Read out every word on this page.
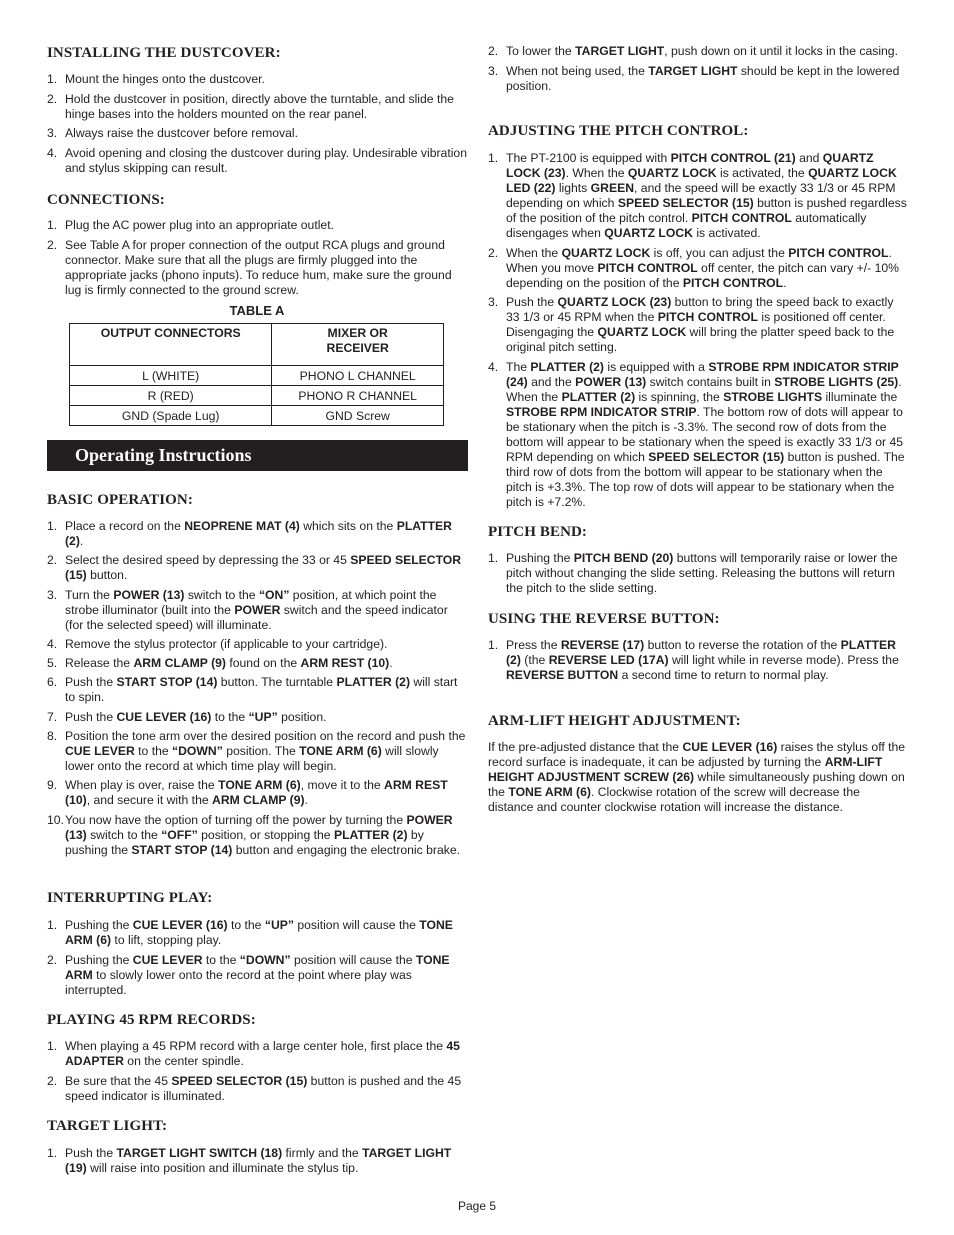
INSTALLING THE DUSTCOVER:
1. Mount the hinges onto the dustcover.
2. Hold the dustcover in position, directly above the turntable, and slide the hinge bases into the holders mounted on the rear panel.
3. Always raise the dustcover before removal.
4. Avoid opening and closing the dustcover during play. Undesirable vibration and stylus skipping can result.
CONNECTIONS:
1. Plug the AC power plug into an appropriate outlet.
2. See Table A for proper connection of the output RCA plugs and ground connector. Make sure that all the plugs are firmly plugged into the appropriate jacks (phono inputs). To reduce hum, make sure the ground lug is firmly connected to the ground screw.
TABLE A
OUTPUT CONNECTORS	MIXER OR
RECEIVER
L (WHITE)	PHONO L CHANNEL
R (RED)	PHONO R CHANNEL
GND (Spade Lug)	GND Screw
Operating Instructions
BASIC OPERATION:
1. Place a record on the NEOPRENE MAT (4) which sits on the PLATTER (2).
2. Select the desired speed by depressing the 33 or 45 SPEED SELECTOR (15) button.
3. Turn the POWER (13) switch to the “ON” position, at which point the strobe illuminator (built into the POWER switch and the speed indicator (for the selected speed) will illuminate.
4. Remove the stylus protector (if applicable to your cartridge).
5. Release the ARM CLAMP (9) found on the ARM REST (10).
6. Push the START STOP (14) button. The turntable PLATTER (2) will start to spin.
7. Push the CUE LEVER (16) to the “UP” position.
8. Position the tone arm over the desired position on the record and push the CUE LEVER to the “DOWN” position. The TONE ARM (6) will slowly lower onto the record at which time play will begin.
9. When play is over, raise the TONE ARM (6), move it to the ARM REST (10), and secure it with the ARM CLAMP (9).
10. You now have the option of turning off the power by turning the POWER (13) switch to the “OFF” position, or stopping the PLATTER (2) by pushing the START STOP (14) button and engaging the electronic brake.
INTERRUPTING PLAY:
1. Pushing the CUE LEVER (16) to the “UP” position will cause the TONE ARM (6) to lift, stopping play.
2. Pushing the CUE LEVER to the “DOWN” position will cause the TONE ARM to slowly lower onto the record at the point where play was interrupted.
PLAYING 45 RPM RECORDS:
1. When playing a 45 RPM record with a large center hole, first place the 45 ADAPTER on the center spindle.
2. Be sure that the 45 SPEED SELECTOR (15) button is pushed and the 45 speed indicator is illuminated.
TARGET LIGHT:
1. Push the TARGET LIGHT SWITCH (18) firmly and the TARGET LIGHT (19) will raise into position and illuminate the stylus tip.
2. To lower the TARGET LIGHT, push down on it until it locks in the casing.
3. When not being used, the TARGET LIGHT should be kept in the lowered position.
ADJUSTING THE PITCH CONTROL:
1. The PT-2100 is equipped with PITCH CONTROL (21) and QUARTZ LOCK (23). When the QUARTZ LOCK is activated, the QUARTZ LOCK LED (22) lights GREEN, and the speed will be exactly 33 1/3 or 45 RPM depending on which SPEED SELECTOR (15) button is pushed regardless of the position of the pitch control. PITCH CONTROL automatically disengages when QUARTZ LOCK is activated.
2. When the QUARTZ LOCK is off, you can adjust the PITCH CONTROL. When you move PITCH CONTROL off center, the pitch can vary +/- 10% depending on the position of the PITCH CONTROL.
3. Push the QUARTZ LOCK (23) button to bring the speed back to exactly 33 1/3 or 45 RPM when the PITCH CONTROL is positioned off center. Disengaging the QUARTZ LOCK will bring the platter speed back to the original pitch setting.
4. The PLATTER (2) is equipped with a STROBE RPM INDICATOR STRIP (24) and the POWER (13) switch contains built in STROBE LIGHTS (25). When the PLATTER (2) is spinning, the STROBE LIGHTS illuminate the STROBE RPM INDICATOR STRIP. The bottom row of dots will appear to be stationary when the pitch is -3.3%. The second row of dots from the bottom will appear to be stationary when the speed is exactly 33 1/3 or 45 RPM depending on which SPEED SELECTOR (15) button is pushed. The third row of dots from the bottom will appear to be stationary when the pitch is +3.3%. The top row of dots will appear to be stationary when the pitch is +7.2%.
PITCH BEND:
1. Pushing the PITCH BEND (20) buttons will temporarily raise or lower the pitch without changing the slide setting. Releasing the buttons will return the pitch to the slide setting.
USING THE REVERSE BUTTON:
1. Press the REVERSE (17) button to reverse the rotation of the PLATTER (2) (the REVERSE LED (17A) will light while in reverse mode). Press the REVERSE BUTTON a second time to return to normal play.
ARM-LIFT HEIGHT ADJUSTMENT:

If the pre-adjusted distance that the CUE LEVER (16) raises the stylus off the record surface is inadequate, it can be adjusted by turning the ARM-LIFT HEIGHT ADJUSTMENT SCREW (26) while simultaneously pushing down on the TONE ARM (6). Clockwise rotation of the screw will decrease the distance and counter clockwise rotation will increase the distance.

Page 5
